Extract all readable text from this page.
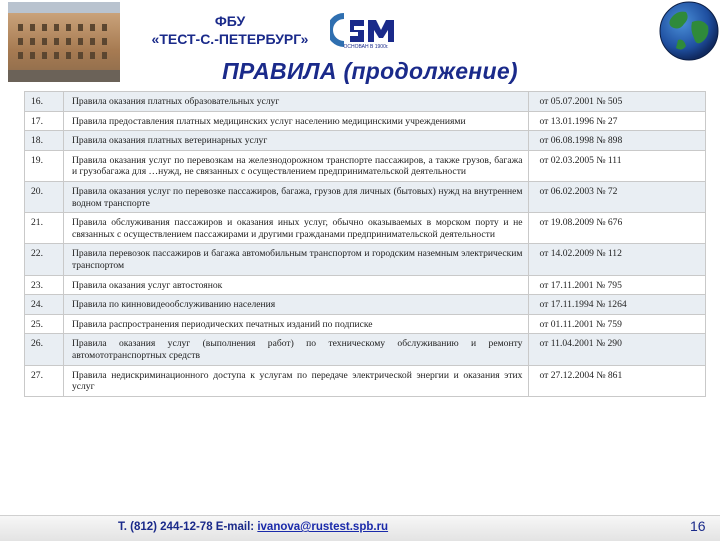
ФБУ
«ТЕСТ-С.-ПЕТЕРБУРГ»	ОСНОВАН В 1900г.
ПРАВИЛА (продолжение)
16.	Правила оказания платных образовательных услуг	от 05.07.2001 № 505
17.	Правила предоставления платных медицинских услуг населению медицинскими учреждениями	от 13.01.1996 № 27
18.	Правила оказания платных ветеринарных услуг	от 06.08.1998 № 898
19.	Правила оказания услуг по перевозкам на железнодорожном транспорте пассажиров, а также грузов, багажа и грузобагажа для …нужд, не связанных с осуществлением предпринимательской деятельности	от 02.03.2005 № 111
20.	Правила оказания услуг по перевозке пассажиров, багажа, грузов для личных (бытовых) нужд на внутреннем водном транспорте	от 06.02.2003 № 72
21.	Правила обслуживания пассажиров и оказания иных услуг, обычно оказываемых в морском порту и не связанных с осуществлением пассажирами и другими гражданами предпринимательской деятельности	от 19.08.2009 № 676
22.	Правила перевозок пассажиров и багажа автомобильным транспортом и городским наземным электрическим транспортом	от 14.02.2009 № 112
23.	Правила оказания услуг автостоянок	от 17.11.2001 № 795
24.	Правила по кинновидеообслуживанию населения	от 17.11.1994 № 1264
25.	Правила распространения периодических печатных изданий по подписке	от 01.11.2001 № 759
26.	Правила оказания услуг (выполнения работ) по техническому обслуживанию и ремонту автомототранспортных средств	от 11.04.2001 № 290
27.	Правила недискриминационного доступа к услугам по передаче электрической энергии и оказания этих услуг	от 27.12.2004 № 861
Т. (812) 244-12-78 E-mail: ivanova@rustest.spb.ru	16
